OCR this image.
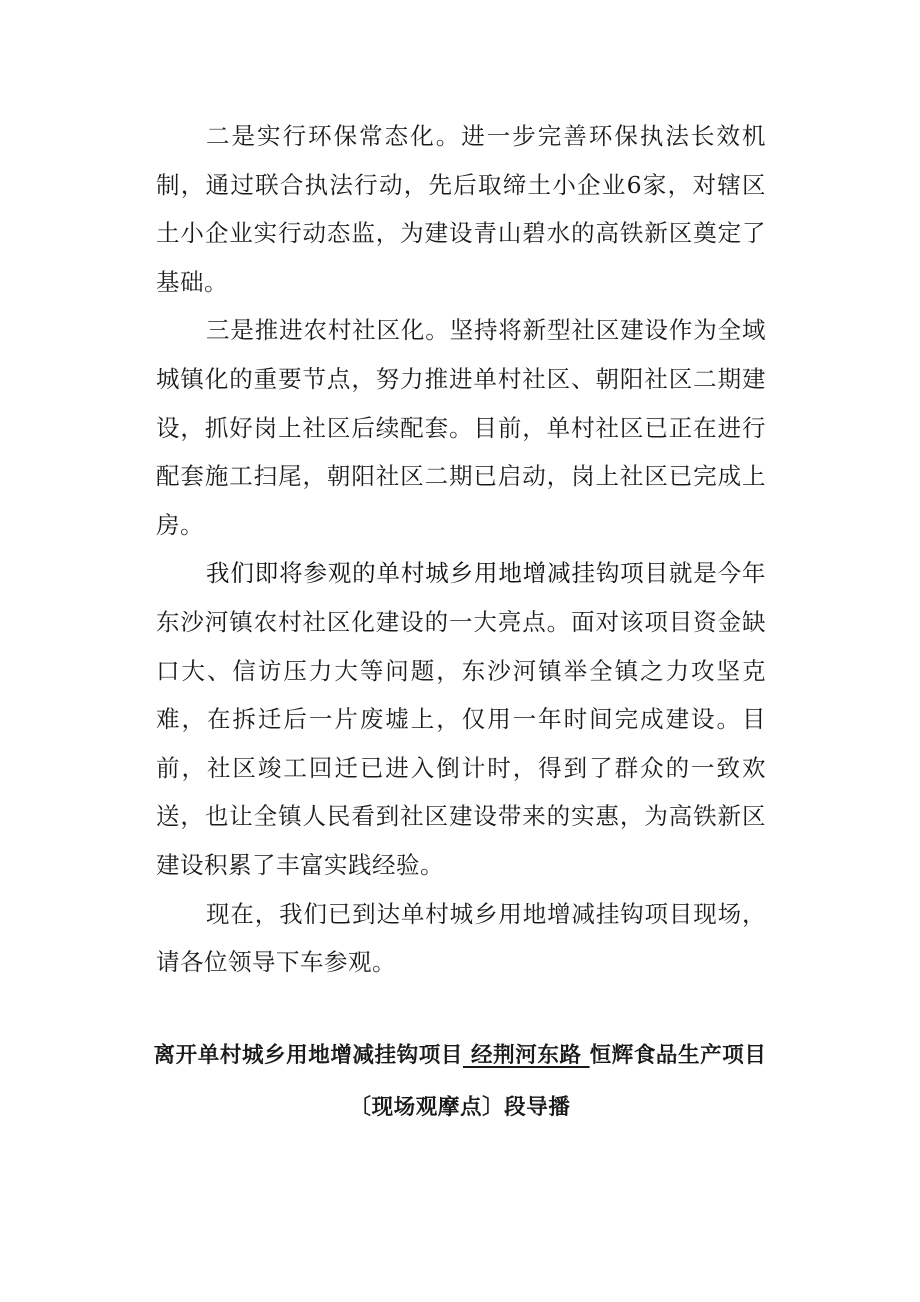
二是实行环保常态化。进一步完善环保执法长效机制，通过联合执法行动，先后取缔土小企业6家，对辖区土小企业实行动态监，为建设青山碧水的高铁新区奠定了基础。

三是推进农村社区化。坚持将新型社区建设作为全域城镇化的重要节点，努力推进单村社区、朝阳社区二期建设，抓好岗上社区后续配套。目前，单村社区已正在进行配套施工扫尾，朝阳社区二期已启动，岗上社区已完成上房。

我们即将参观的单村城乡用地增减挂钩项目就是今年东沙河镇农村社区化建设的一大亮点。面对该项目资金缺口大、信访压力大等问题，东沙河镇举全镇之力攻坚克难，在拆迁后一片废墟上，仅用一年时间完成建设。目前，社区竣工回迁已进入倒计时，得到了群众的一致欢送，也让全镇人民看到社区建设带来的实惠，为高铁新区建设积累了丰富实践经验。

现在，我们已到达单村城乡用地增减挂钩项目现场，请各位领导下车参观。

离开单村城乡用地增减挂钩项目 经荆河东路 恒辉食品生产项目〔现场观摩点〕段导播
